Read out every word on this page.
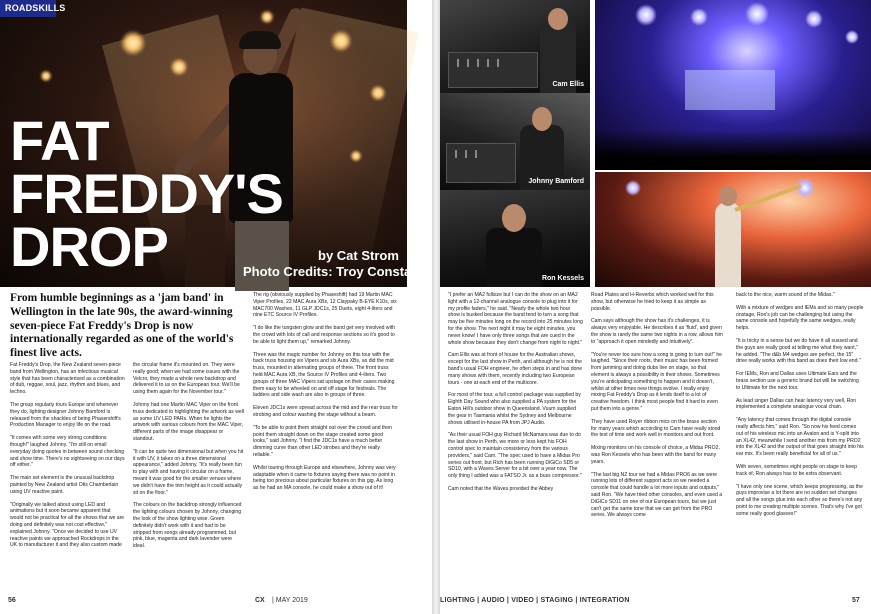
ROADSKILLS
FAT
FREDDY'S
DROP	by Cat Strom
Photo Credits: Troy Constable
From humble beginnings as a 'jam band' in Wellington in the late 90s, the award-winning seven-piece Fat Freddy's Drop is now internationally regarded as one of the world's finest live acts.

Fat Freddy's Drop, the New Zealand seven-piece band from Wellington, has an infectious musical style that has been characterised as a combination of dub, reggae, soul, jazz, rhythm and blues, and techno.

The group regularly tours Europe and whenever they do, lighting designer Johnny Bamford is released from the shackles of being Phasershift's Production Manager to enjoy life on the road.

"It comes with some very strong conditions though!" laughed Johnny. "I'm still on email everyday doing quotes in between sound checking and show time. There's no sightseeing on our days off either."

The main set element is the unusual backdrop painted by New Zealand artist Otis Chamberlain using UV reactive paint.

"Originally we talked about using LED and animations but it soon became apparent that would not be practical for all the shows that we are doing and definitely was not cost effective," explained Johnny. "Once we decided to use UV reactive paints we approached Rockdrops in the UK to manufacturer it and they also custom made

the circular frame it's mounted on. They were really good; when we had some issues with the Velcro, they made a whole new backdrop and delivered it to us on the European tour. We'll be using them again for the November tour."

Johnny had one Martin MAC Viper on the front truss dedicated to highlighting the artwork as well as some UV LED PARs. When he lights the artwork with various colours from the MAC Viper, different parts of the image disappear or standout.

"It can be quite two dimensional but when you hit it with UV, it takes on a three dimensional appearance," added Johnny. "It's really been fun to play with and having it circular on a frame, meant it was good for the smaller venues where we didn't have the trim height as it could actually sit on the floor."

The colours on the backdrop strongly influenced the lighting colours chosen by Johnny, changing the look of the show lighting wise. Green definitely didn't work with it and had to be stripped from songs already programmed, but pink, blue, magenta and dark lavender were ideal.

The rig (obviously supplied by Phaseshift) had 19 Martin MAC Viper Profiles, 22 MAC Aura XBs, 12 Claypaky B-EYE K10s, six MAC700 Washes, 11 GLP JDC1s, 25 Duets, eight 4-liters and nine ETC Source IV Profiles.

"I do like the tungsten glow and the band get very involved with the crowd with lots of call and response sections so it's good to be able to light them up," remarked Johnny.

Three was the magic number for Johnny on this tour with the back truss housing six Vipers and six Aura XBs, as did the mid truss, mounted in alternating groups of three. The front truss held MAC Aura XB, the Source IV Profiles and 4-liters. Two groups of three MAC Vipers sat upstage on their cases making them easy to be wheeled on and off stage for festivals. The ladders and side wash are also in groups of three.

Eleven JDC1s were spread across the mid and the rear truss for strobing and colour washing the stage without a beam.

"To be able to point them straight out over the crowd and then point them straight down on the stage created some good looks," said Johnny. "I find the JDC1s have a much better dimming curve than other LED strobes and they're really reliable."

Whilst touring through Europe and elsewhere, Johnny was very adaptable when it came to fixtures saying there was no point in being too precious about particular fixtures on this gig. As long as he had an MA console, he could make a show out of it!

56	CX | MAY 2019
Cam Ellis
Johnny Bamford
Ron Kessels

"I prefer an MA2 fullsize but I can do the show on an MA2 light with a 12-channel analogue console to plug into it for my profile faders," he said. "Nearly the whole two hour show is busked because the band tend to turn a song that may be five minutes long on the record into 25 minutes long for the show. The next night it may be eight minutes, you never know! I have only three songs that are cued in the whole show because they don't change from night to night."

Cam Ellis was at front of house for the Australian shows, except for the last show in Perth, and although he is not the band's usual FOH engineer, he often steps in and has done many shows with them, recently including two European tours - one at each end of the multicore.

For most of the tour, a full control package was supplied by Eighth Day Sound who also supplied a PA system for the Eaton Hill's outdoor show in Queensland. Vuum supplied the gear in Tasmania whilst the Sydney and Melbourne shows utilised in-house PA from JPJ Audio.

"As their usual FOH guy Richard McNamara was due to do the last show in Perth, we more or less kept his FOH control spec to maintain consistency from the various providers," said Cam. "The spec used to have a Midas Pro series out front, but Rich has been running DiGiCo SD5 or SD10, with a Waves Server for a bit over a year now. The only thing I added was a FATSO Jr. as a buss compressor."

Cam noted that the Waves provided the Abbey

Road Plates and H-Reverbs which worked well for this show, but otherwise he tried to keep it as simple as possible.

Cam says although the show has it's challenges, it is always very enjoyable. He describes it as 'fluid', and given the show is rarely the same two nights in a row, allows him to "approach it open mindedly and intuitively".

"You're never too sure how a song is going to turn out!" he laughed. "Since their roots, their music has been formed from jamming and doing dubs live on stage, so that element is always a possibility in their shows. Sometimes you're anticipating something to happen and it doesn't, whilst at other times new things evolve. I really enjoy mixing Fat Freddy's Drop as it lends itself to a lot of creative freedom. I think most people find it hard to even put them into a genre."

They have used Royer ribbon mics on the brass section for many years which according to Cam have really stood the test of time and work well in monitors and out front.

Mixing monitors on his console of choice, a Midas PRO2, was Ron Kessels who has been with the band for many years.

"The last big NZ tour we had a Midas PRO6 as we were running lots of different support acts so we needed a console that could handle a lot more inputs and outputs," said Ron. "We have tried other consoles, and even used a DiGiCo SD11 on one of our European tours, but we just can't get the same tone that we can get from the PRO series. We always come

back to the nice, warm sound of the Midas."

With a mixture of wedges and IEMs and so many people onstage, Ron's job can be challenging but using the same console and hopefully the same wedges, really helps.

"It is tricky in a sense but we do have it all sussed and the guys are really good at telling me what they want," he added. "The d&b M4 wedges are perfect, the 15" drive really works with this band as does their low end."

For IEMs, Ron and Dallas uses Ultimate Ears and the brass section use a generic brand but will be switching to Ultimate for the next tour.

As lead singer Dallas can hear latency very well, Ron implemented a complete analogue vocal chain.

"Any latency that comes through the digital console really affects him," said Ron. "So now his feed comes out of his wireless mic into an Avalon and is Y-split into an XL42, meanwhile I send another mix from my PRO2 into the XL42 and the output of that goes straight into his ear mix. It's been really beneficial for all of us."

With seven, sometimes eight people on stage to keep track of, Ron always has to be extra observant.

"I have only one scene, which keeps progressing, as the guys improvise a lot there are no sudden set changes and all the songs glue into each other so there's not any point to me creating multiple scenes. That's why I've got some really good glasses!"

LIGHTING | AUDIO | VIDEO | STAGING | INTEGRATION	57
